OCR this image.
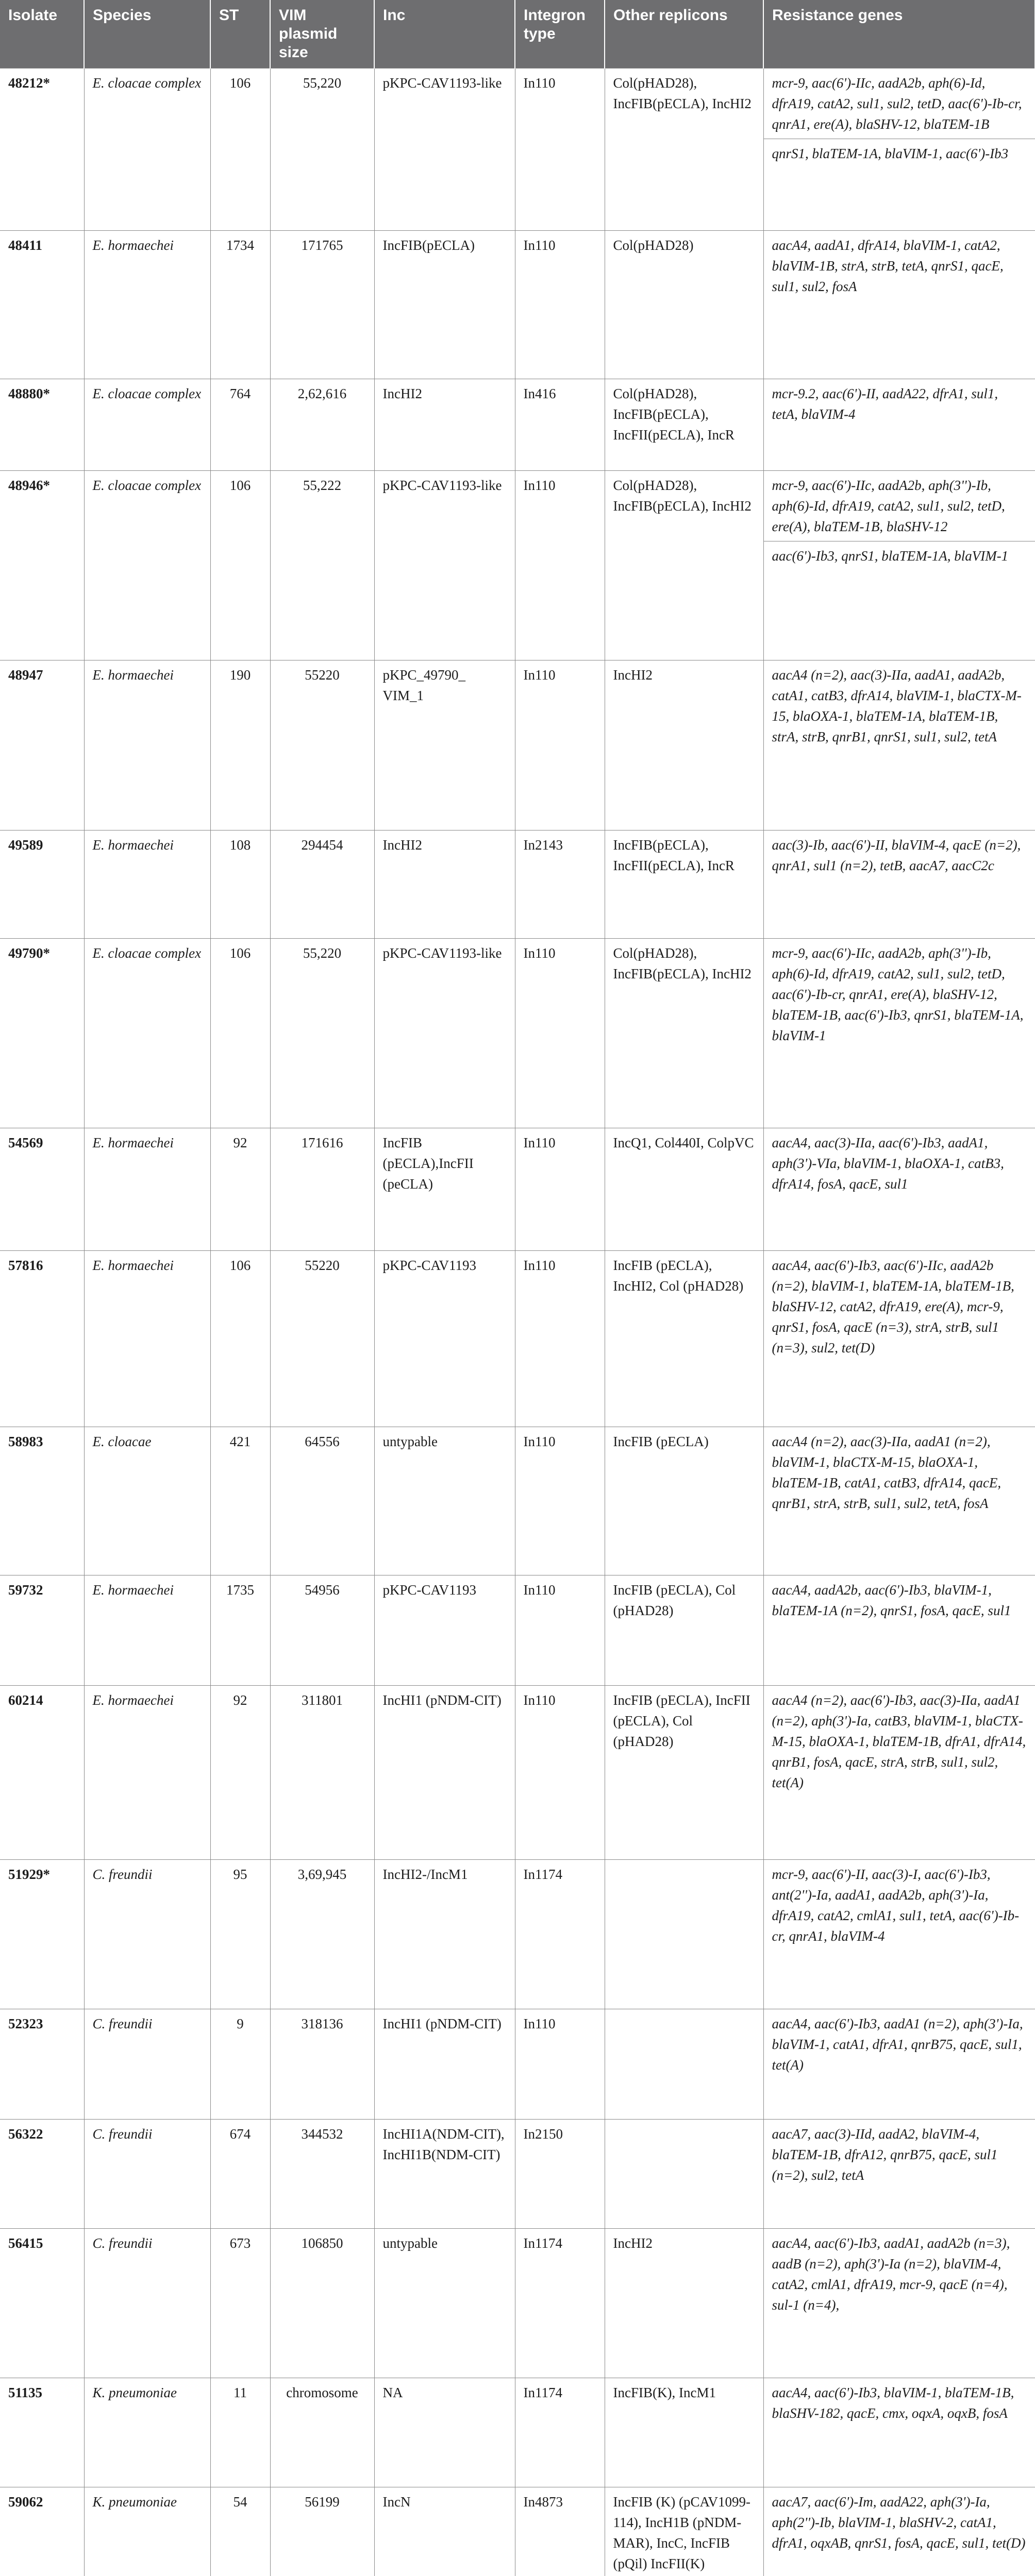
Isolate	Species	ST	VIM plasmid size	Inc	Integron type	Other replicons	Resistance genes
48212*	E. cloacae complex	106	55,220	pKPC-CAV1193-like	In110	Col(pHAD28), IncFIB(pECLA), IncHI2	mcr-9, aac(6')-IIc, aadA2b, aph(6)-Id, dfrA19, catA2, sul1, sul2, tetD, aac(6')-Ib-cr, qnrA1, ere(A), blaSHV-12, blaTEM-1B
qnrS1, blaTEM-1A, blaVIM-1, aac(6')-Ib3

48411	E. hormaechei	1734	171765	IncFIB(pECLA)	In110	Col(pHAD28)	aacA4, aadA1, dfrA14, blaVIM-1, catA2, blaVIM-1B, strA, strB, tetA, qnrS1, qacE, sul1, sul2, fosA

48880*	E. cloacae complex	764	2,62,616	IncHI2	In416	Col(pHAD28), IncFIB(pECLA), IncFII(pECLA), IncR	mcr-9.2, aac(6')-II, aadA22, dfrA1, sul1, tetA, blaVIM-4

48946*	E. cloacae complex	106	55,222	pKPC-CAV1193-like	In110	Col(pHAD28), IncFIB(pECLA), IncHI2	mcr-9, aac(6')-IIc, aadA2b, aph(3'')-Ib, aph(6)-Id, dfrA19, catA2, sul1, sul2, tetD, ere(A), blaTEM-1B, blaSHV-12
aac(6')-Ib3, qnrS1, blaTEM-1A, blaVIM-1

48947	E. hormaechei	190	55220	pKPC_49790_ VIM_1	In110	IncHI2	aacA4 (n=2), aac(3)-IIa, aadA1, aadA2b, catA1, catB3, dfrA14, blaVIM-1, blaCTX-M-15, blaOXA-1, blaTEM-1A, blaTEM-1B, strA, strB, qnrB1, qnrS1, sul1, sul2, tetA

49589	E. hormaechei	108	294454	IncHI2	In2143	IncFIB(pECLA), IncFII(pECLA), IncR	aac(3)-Ib, aac(6')-II, blaVIM-4, qacE (n=2), qnrA1, sul1 (n=2), tetB, aacA7, aacC2c

49790*	E. cloacae complex	106	55,220	pKPC-CAV1193-like	In110	Col(pHAD28), IncFIB(pECLA), IncHI2	mcr-9, aac(6')-IIc, aadA2b, aph(3'')-Ib, aph(6)-Id, dfrA19, catA2, sul1, sul2, tetD, aac(6')-Ib-cr, qnrA1, ere(A), blaSHV-12, blaTEM-1B, aac(6')-Ib3, qnrS1, blaTEM-1A, blaVIM-1

54569	E. hormaechei	92	171616	IncFIB (pECLA),IncFII (peCLA)	In110	IncQ1, Col440I, ColpVC	aacA4, aac(3)-IIa, aac(6')-Ib3, aadA1, aph(3')-VIa, blaVIM-1, blaOXA-1, catB3, dfrA14, fosA, qacE, sul1

57816	E. hormaechei	106	55220	pKPC-CAV1193	In110	IncFIB (pECLA), IncHI2, Col (pHAD28)	aacA4, aac(6')-Ib3, aac(6')-IIc, aadA2b (n=2), blaVIM-1, blaTEM-1A, blaTEM-1B, blaSHV-12, catA2, dfrA19, ere(A), mcr-9, qnrS1, fosA, qacE (n=3), strA, strB, sul1 (n=3), sul2, tet(D)

58983	E. cloacae	421	64556	untypable	In110	IncFIB (pECLA)	aacA4 (n=2), aac(3)-IIa, aadA1 (n=2), blaVIM-1, blaCTX-M-15, blaOXA-1, blaTEM-1B, catA1, catB3, dfrA14, qacE, qnrB1, strA, strB, sul1, sul2, tetA, fosA

59732	E. hormaechei	1735	54956	pKPC-CAV1193	In110	IncFIB (pECLA), Col (pHAD28)	aacA4, aadA2b, aac(6')-Ib3, blaVIM-1, blaTEM-1A (n=2), qnrS1, fosA, qacE, sul1

60214	E. hormaechei	92	311801	IncHI1 (pNDM-CIT)	In110	IncFIB (pECLA), IncFII (pECLA), Col (pHAD28)	aacA4 (n=2), aac(6')-Ib3, aac(3)-IIa, aadA1 (n=2), aph(3')-Ia, catB3, blaVIM-1, blaCTX-M-15, blaOXA-1, blaTEM-1B, dfrA1, dfrA14, qnrB1, fosA, qacE, strA, strB, sul1, sul2, tet(A)

51929*	C. freundii	95	3,69,945	IncHI2-/IncM1	In1174		mcr-9, aac(6')-II, aac(3)-I, aac(6')-Ib3, ant(2'')-Ia, aadA1, aadA2b, aph(3')-Ia, dfrA19, catA2, cmlA1, sul1, tetA, aac(6')-Ib-cr, qnrA1, blaVIM-4

52323	C. freundii	9	318136	IncHI1 (pNDM-CIT)	In110		aacA4, aac(6')-Ib3, aadA1 (n=2), aph(3')-Ia, blaVIM-1, catA1, dfrA1, qnrB75, qacE, sul1, tet(A)

56322	C. freundii	674	344532	IncHI1A(NDM-CIT), IncHI1B(NDM-CIT)	In2150		aacA7, aac(3)-IId, aadA2, blaVIM-4, blaTEM-1B, dfrA12, qnrB75, qacE, sul1 (n=2), sul2, tetA

56415	C. freundii	673	106850	untypable	In1174	IncHI2	aacA4, aac(6')-Ib3, aadA1, aadA2b (n=3), aadB (n=2), aph(3')-Ia (n=2), blaVIM-4, catA2, cmlA1, dfrA19, mcr-9, qacE (n=4), sul-1 (n=4),

51135	K. pneumoniae	11	chromosome	NA	In1174	IncFIB(K), IncM1	aacA4, aac(6')-Ib3, blaVIM-1, blaTEM-1B, blaSHV-182, qacE, cmx, oqxA, oqxB, fosA

59062	K. pneumoniae	54	56199	IncN	In4873	IncFIB (K) (pCAV1099-114), IncH1B (pNDM-MAR), IncC, IncFIB (pQil) IncFII(K)	aacA7, aac(6')-Im, aadA22, aph(3')-Ia, aph(2'')-Ib, blaVIM-1, blaSHV-2, catA1, dfrA1, oqxAB, qnrS1, fosA, qacE, sul1, tet(D)
